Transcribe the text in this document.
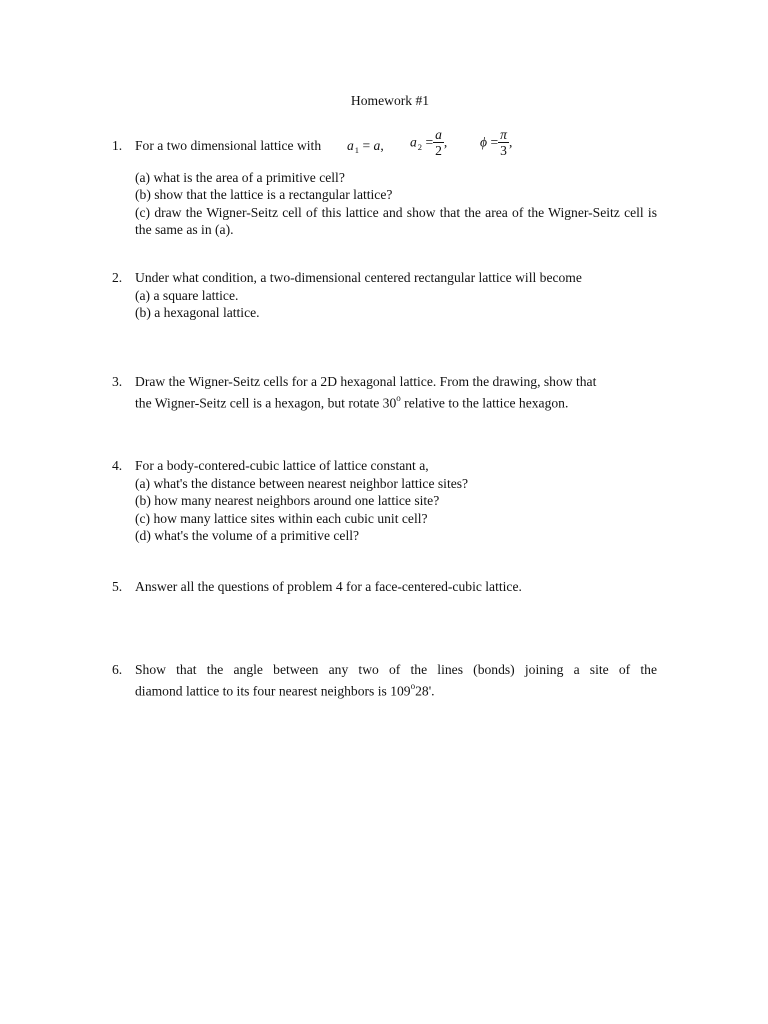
Homework #1
1. For a two dimensional lattice with	$a_1 = a$, $a_2 = \frac{a}{2}$ , $\phi = \frac{\pi}{3}$ ,
(a) what is the area of a primitive cell?
(b) show that the lattice is a rectangular lattice?
(c) draw the Wigner-Seitz cell of this lattice and show that the area of the Wigner-Seitz cell is the same as in (a).
2. Under what condition, a two-dimensional centered rectangular lattice will become
(a) a square lattice.
(b) a hexagonal lattice.
3. Draw the Wigner-Seitz cells for a 2D hexagonal lattice. From the drawing, show that
the Wigner-Seitz cell is a hexagon, but rotate 30$^o$ relative to the lattice hexagon.
4. For a body-contered-cubic lattice of lattice constant a,
(a) what's the distance between nearest neighbor lattice sites?
(b) how many nearest neighbors around one lattice site?
(c) how many lattice sites within each cubic unit cell?
(d) what's the volume of a primitive cell?
5. Answer all the questions of problem 4 for a face-centered-cubic lattice.
6. Show that the angle between any two of the lines (bonds) joining a site of the
diamond lattice to its four nearest neighbors is 109$^o$28'.
